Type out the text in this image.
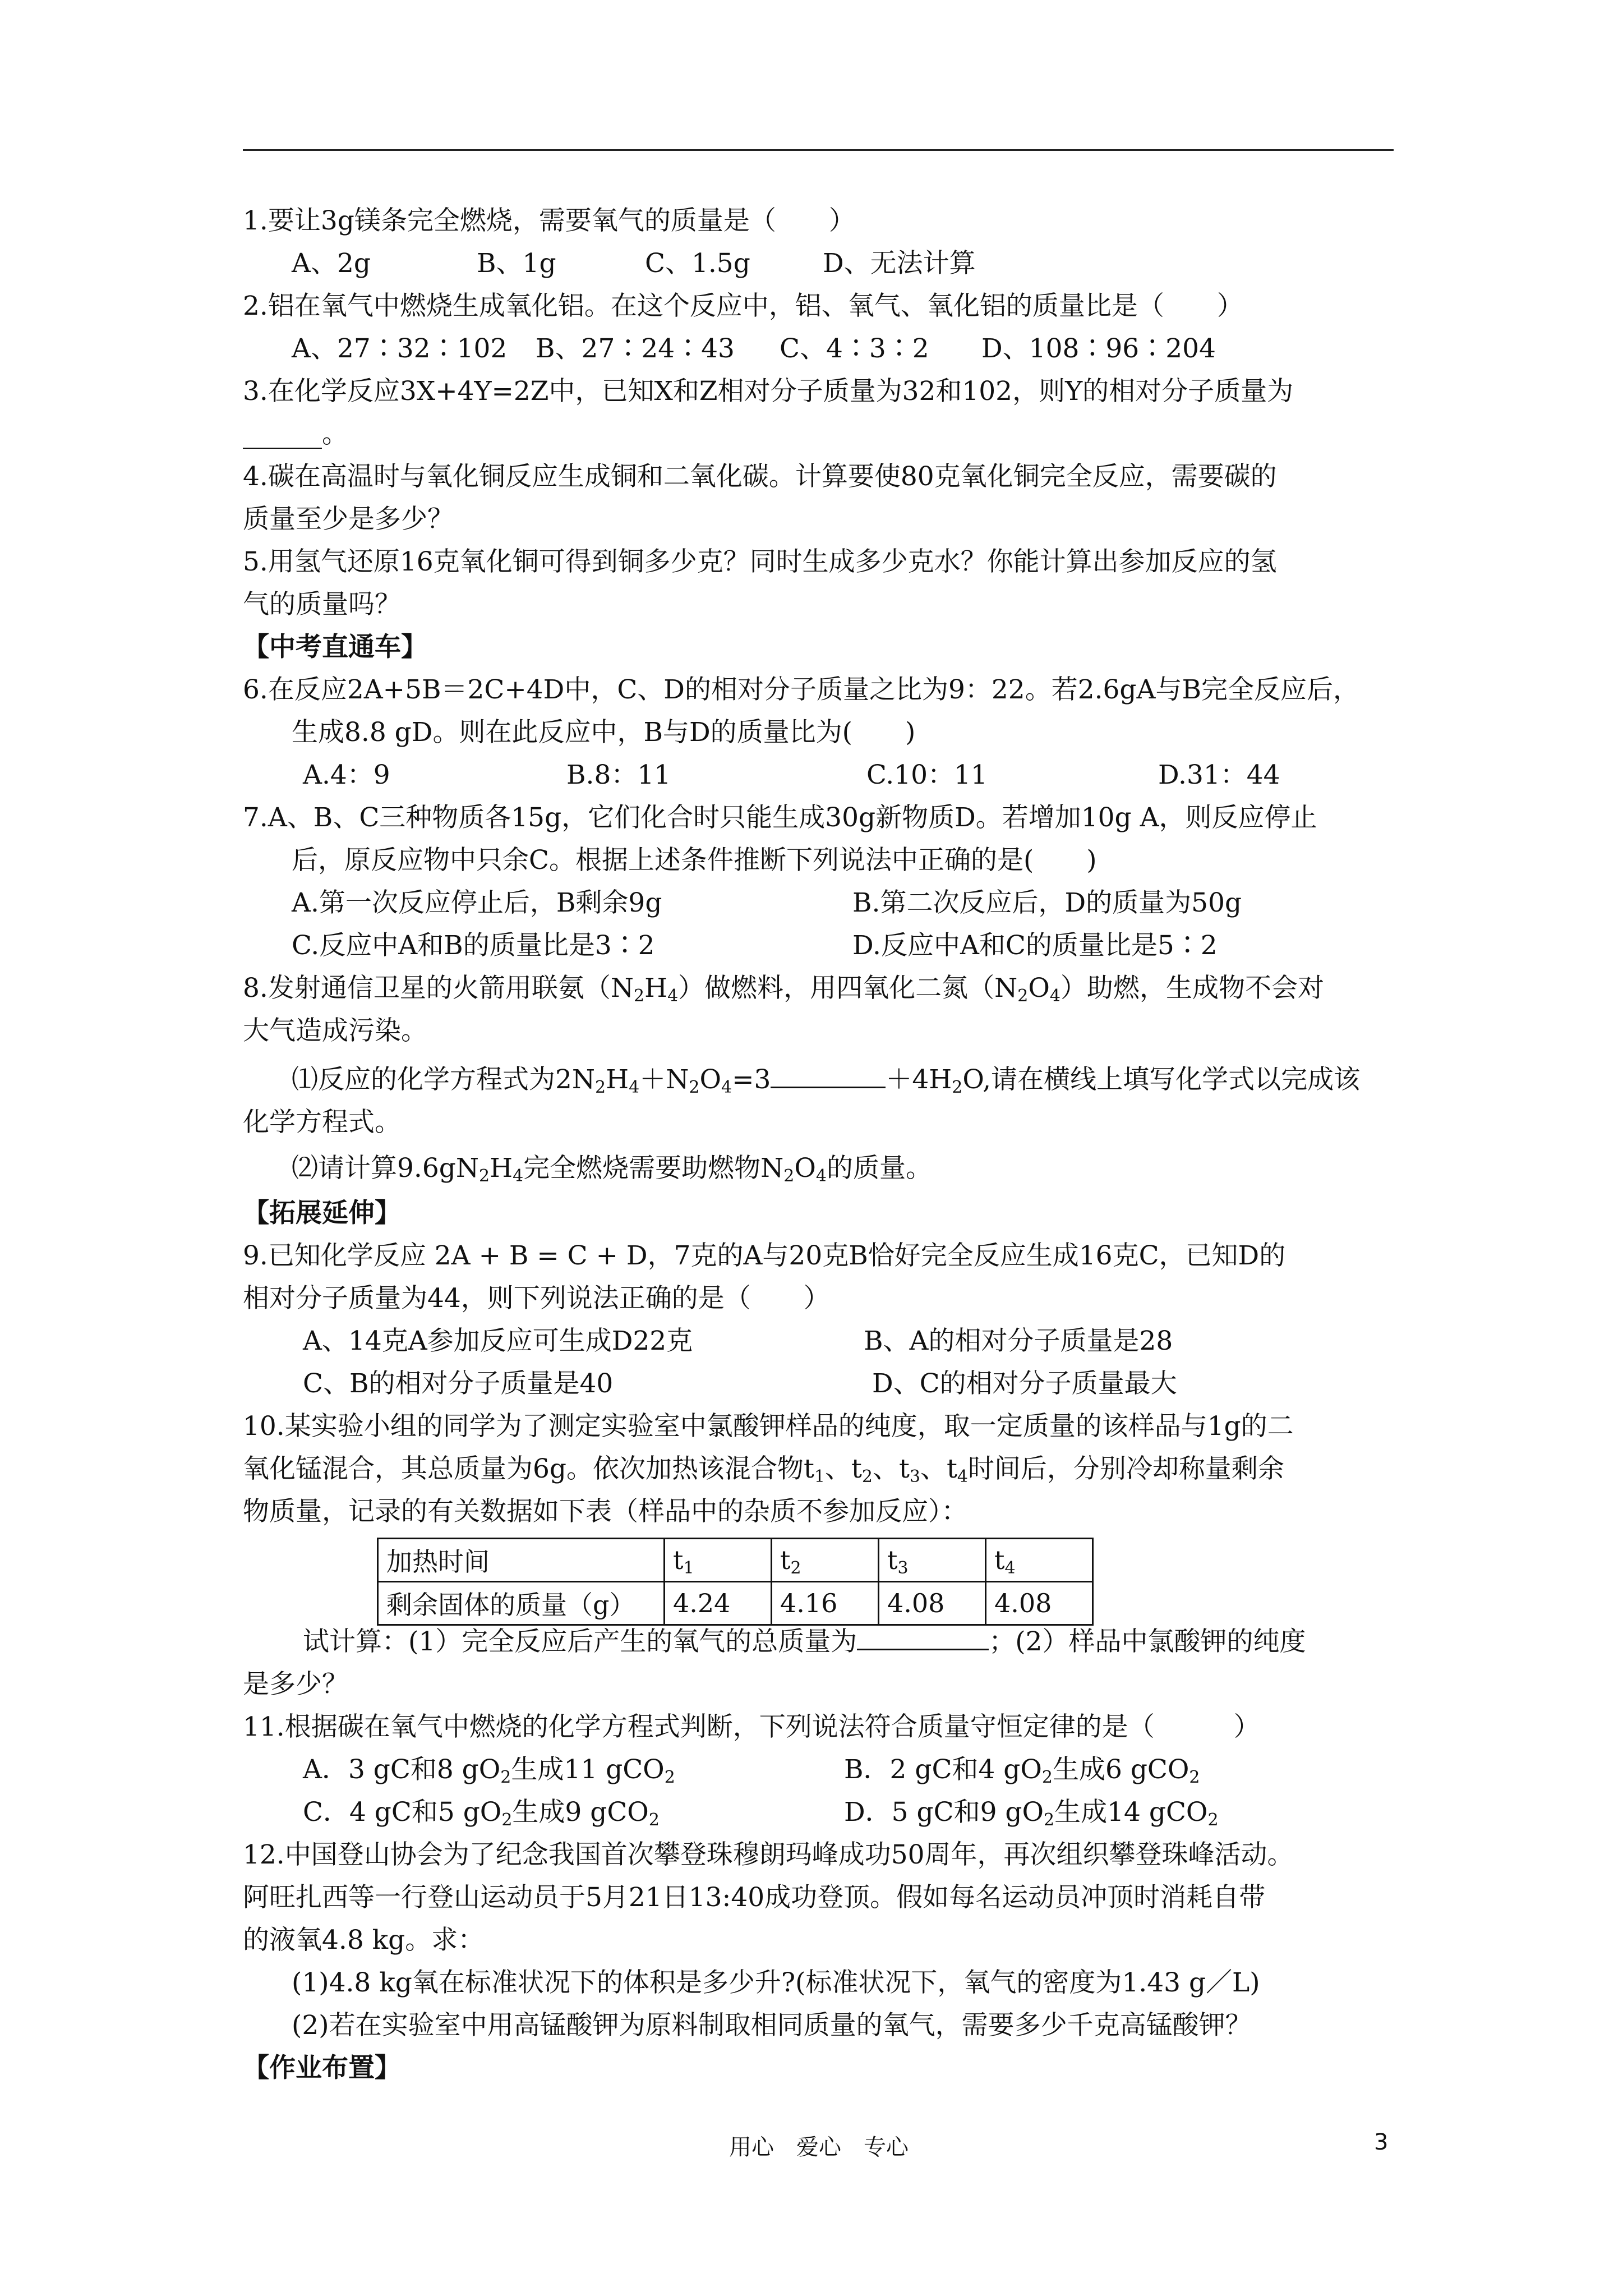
1.要让3g镁条完全燃烧，需要氧气的质量是（　　）
A、2g	B、1g	C、1.5g	D、无法计算
2.铝在氧气中燃烧生成氧化铝。在这个反应中，铝、氧气、氧化铝的质量比是（　　）
A、27∶32∶102 B、27∶24∶43 C、4∶3∶2 D、108∶96∶204
3.在化学反应3X+4Y=2Z中，已知X和Z相对分子质量为32和102，则Y的相对分子质量为
______。
4.碳在高温时与氧化铜反应生成铜和二氧化碳。计算要使80克氧化铜完全反应，需要碳的
质量至少是多少？
5.用氢气还原16克氧化铜可得到铜多少克？同时生成多少克水？你能计算出参加反应的氢
气的质量吗？
【中考直通车】
6.在反应2A+5B＝2C+4D中，C、D的相对分子质量之比为9：22。若2.6gA与B完全反应后，
生成8.8 gD。则在此反应中，B与D的质量比为(　　)
A.4：9	B.8：11	C.10：11	D.31：44
7.A、B、C三种物质各15g，它们化合时只能生成30g新物质D。若增加10g A，则反应停止
后，原反应物中只余C。根据上述条件推断下列说法中正确的是(　　)
A.第一次反应停止后，B剩余9g	B.第二次反应后，D的质量为50g
C.反应中A和B的质量比是3∶2	D.反应中A和C的质量比是5∶2
8.发射通信卫星的火箭用联氨$(N_2H_4)$做燃料，用四氧化二氮$(N_2O_4)$助燃，生成物不会对
大气造成污染。
⑴反应的化学方程式为$2N_2H_4+N_2O_4=3$	$+4H_2O$,请在横线上填写化学式以完成该
化学方程式。
⑵请计算$9.6gN_2H_4$完全燃烧需要助燃物$N_2O_4$的质量。
【拓展延伸】
9.已知化学反应 2A + B = C + D，7克的A与20克B恰好完全反应生成16克C，已知D的
相对分子质量为44，则下列说法正确的是（　　）
A、14克A参加反应可生成D22克	B、A的相对分子质量是28
C、B的相对分子质量是40	D、C的相对分子质量最大
10.某实验小组的同学为了测定实验室中氯酸钾样品的纯度，取一定质量的该样品与1g的二
氧化锰混合，其总质量为6g。依次加热该混合物$t_1$、$t_2$、$t_3$、$t_4$时间后，分别冷却称量剩余
物质量，记录的有关数据如下表（样品中的杂质不参加反应）：
加热时间	$t_1$	$t_2$	$t_3$	$t_4$
剩余固体的质量（g）	4.24	4.16	4.08	4.08
试计算：(1）完全反应后产生的氧气的总质量为	；(2）样品中氯酸钾的纯度
是多少？
11.根据碳在氧气中燃烧的化学方程式判断，下列说法符合质量守恒定律的是（　　　）
A．3 gC和8 $gO_2$生成11 gCO$_2$	B．2 gC和4 $gO_2$生成6 gCO$_2$
C．4 gC和5 $gO_2$生成9 gCO$_2$	D．5 gC和9 $gO_2$生成14 gCO$_2$
12.中国登山协会为了纪念我国首次攀登珠穆朗玛峰成功50周年，再次组织攀登珠峰活动。
阿旺扎西等一行登山运动员于5月21日13:40成功登顶。假如每名运动员冲顶时消耗自带
的液氧4.8 kg。求：
(1)4.8 kg氧在标准状况下的体积是多少升?(标准状况下，氧气的密度为1.43 g／L)
(2)若在实验室中用高锰酸钾为原料制取相同质量的氧气，需要多少千克高锰酸钾？
【作业布置】
用心　爱心　专心	3
